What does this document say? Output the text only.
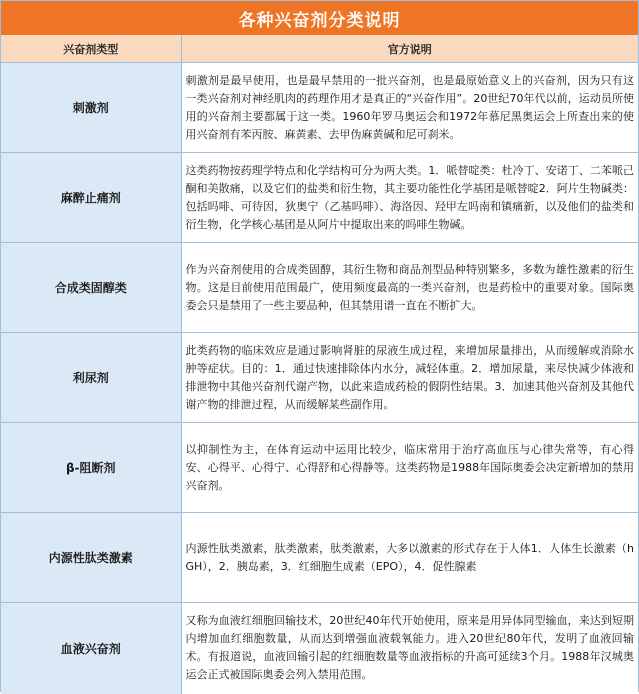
各种兴奋剂分类说明
兴奋剂类型	官方说明
刺激剂	刺激剂是最早使用，也是最早禁用的一批兴奋剂，也是最原始意义上的兴奋剂，因为只有这一类兴奋剂对神经肌肉的药理作用才是真正的“兴奋作用”。20世纪70年代以前，运动员所使用的兴奋剂主要都属于这一类。1960年罗马奥运会和1972年慕尼黑奥运会上所查出来的使用兴奋剂有苯丙胺、麻黄素、去甲伪麻黄碱和尼可刹米。
麻醉止痛剂	这类药物按药理学特点和化学结构可分为两大类。1．哌替啶类：杜冷丁、安诺丁、二苯哌己酮和美散痛，以及它们的盐类和衍生物，其主要功能性化学基团是哌替啶2．阿片生物碱类：包括吗啡、可待因，狄奥宁（乙基吗啡）、海洛因、羟甲左吗南和镇痛新，以及他们的盐类和衍生物，化学核心基团是从阿片中提取出来的吗啡生物碱。
合成类固醇类	作为兴奋剂使用的合成类固醇，其衍生物和商品剂型品种特别繁多，多数为雄性激素的衍生物。这是目前使用范围最广，使用频度最高的一类兴奋剂，也是药检中的重要对象。国际奥委会只是禁用了一些主要品种，但其禁用谱一直在不断扩大。
利尿剂	此类药物的临床效应是通过影响肾脏的尿液生成过程，来增加尿量排出，从而缓解或消除水肿等症状。目的：1．通过快速排除体内水分，减轻体重。2．增加尿量，来尽快减少体液和排泄物中其他兴奋剂代谢产物，以此来造成药检的假阴性结果。3．加速其他兴奋剂及其他代谢产物的排泄过程，从而缓解某些副作用。
β-阻断剂	以抑制性为主，在体育运动中运用比较少，临床常用于治疗高血压与心律失常等，有心得安、心得平、心得宁、心得舒和心得静等。这类药物是1988年国际奥委会决定新增加的禁用兴奋剂。
内源性肽类激素	内源性肽类激素，肽类激素，肽类激素，大多以激素的形式存在于人体1．人体生长激素（hGH），2．胰岛素，3．红细胞生成素（EPO），4．促性腺素
血液兴奋剂	又称为血液红细胞回输技术，20世纪40年代开始使用，原来是用异体同型输血，来达到短期内增加血红细胞数量，从而达到增强血液载氧能力。进入20世纪80年代，发明了血液回输术。有报道说，血液回输引起的红细胞数量等血液指标的升高可延续3个月。1988年汉城奥运会正式被国际奥委会列入禁用范围。
